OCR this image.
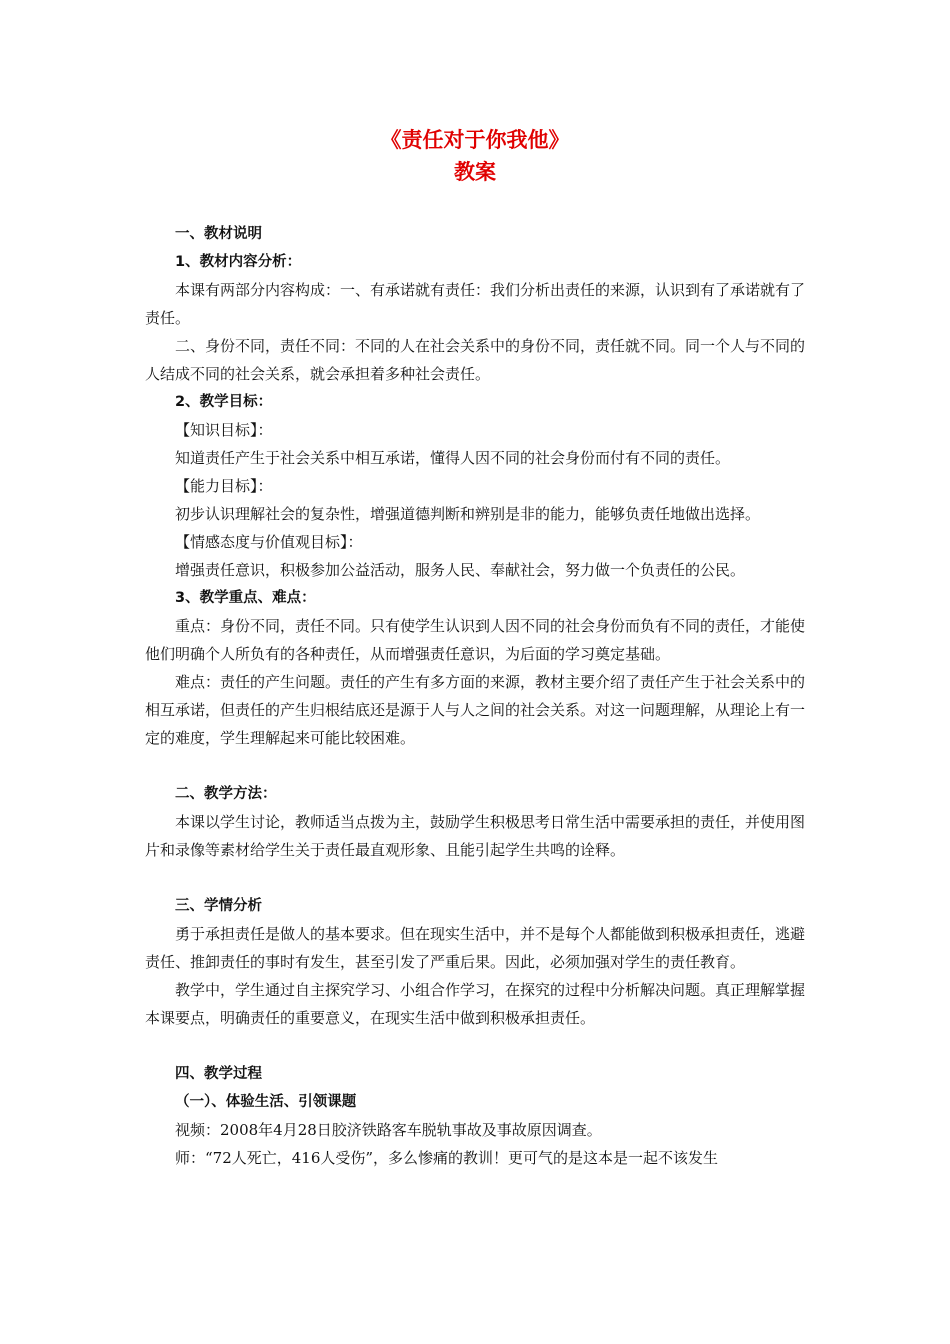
《责任对于你我他》
教案

一、教材说明

1、教材内容分析：

本课有两部分内容构成：一、有承诺就有责任：我们分析出责任的来源，认识到有了承诺就有了责任。

二、身份不同，责任不同：不同的人在社会关系中的身份不同，责任就不同。同一个人与不同的人结成不同的社会关系，就会承担着多种社会责任。

2、教学目标：

【知识目标】：

知道责任产生于社会关系中相互承诺，懂得人因不同的社会身份而付有不同的责任。

【能力目标】：

初步认识理解社会的复杂性，增强道德判断和辨别是非的能力，能够负责任地做出选择。

【情感态度与价值观目标】：

增强责任意识，积极参加公益活动，服务人民、奉献社会，努力做一个负责任的公民。

3、教学重点、难点：

重点：身份不同，责任不同。只有使学生认识到人因不同的社会身份而负有不同的责任，才能使他们明确个人所负有的各种责任，从而增强责任意识，为后面的学习奠定基础。

难点：责任的产生问题。责任的产生有多方面的来源，教材主要介绍了责任产生于社会关系中的相互承诺，但责任的产生归根结底还是源于人与人之间的社会关系。对这一问题理解，从理论上有一定的难度，学生理解起来可能比较困难。

二、教学方法：

本课以学生讨论，教师适当点拨为主，鼓励学生积极思考日常生活中需要承担的责任，并使用图片和录像等素材给学生关于责任最直观形象、且能引起学生共鸣的诠释。

三、学情分析

勇于承担责任是做人的基本要求。但在现实生活中，并不是每个人都能做到积极承担责任，逃避责任、推卸责任的事时有发生，甚至引发了严重后果。因此，必须加强对学生的责任教育。

教学中，学生通过自主探究学习、小组合作学习，在探究的过程中分析解决问题。真正理解掌握本课要点，明确责任的重要意义，在现实生活中做到积极承担责任。

四、教学过程

（一）、体验生活、引领课题

视频：2008年4月28日胶济铁路客车脱轨事故及事故原因调查。

师：“72人死亡，416人受伤”，多么惨痛的教训！更可气的是这本是一起不该发生
